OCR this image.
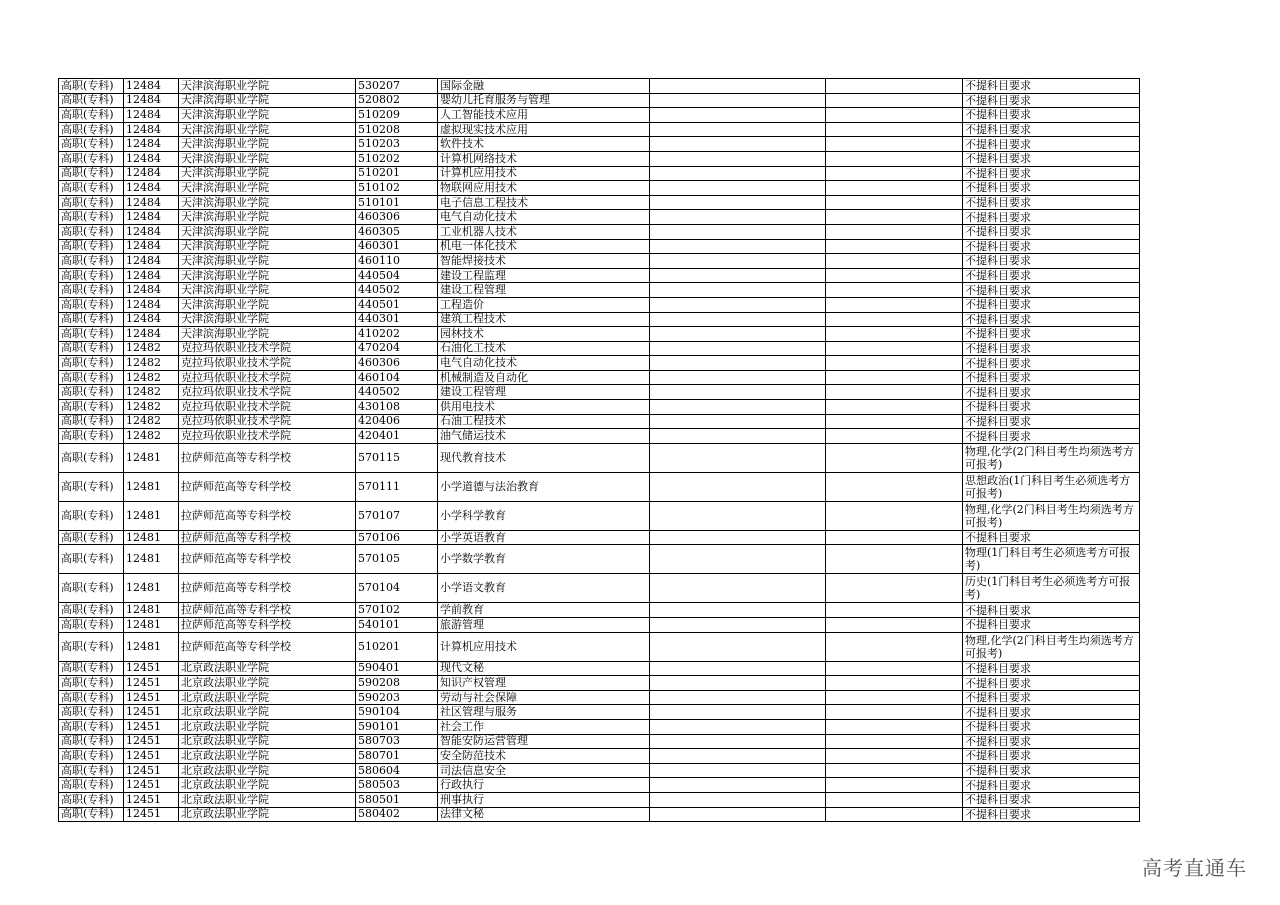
高职(专科)	12484	天津滨海职业学院	530207	国际金融			不提科目要求
高职(专科)	12484	天津滨海职业学院	520802	婴幼儿托育服务与管理			不提科目要求
高职(专科)	12484	天津滨海职业学院	510209	人工智能技术应用			不提科目要求
高职(专科)	12484	天津滨海职业学院	510208	虚拟现实技术应用			不提科目要求
高职(专科)	12484	天津滨海职业学院	510203	软件技术			不提科目要求
高职(专科)	12484	天津滨海职业学院	510202	计算机网络技术			不提科目要求
高职(专科)	12484	天津滨海职业学院	510201	计算机应用技术			不提科目要求
高职(专科)	12484	天津滨海职业学院	510102	物联网应用技术			不提科目要求
高职(专科)	12484	天津滨海职业学院	510101	电子信息工程技术			不提科目要求
高职(专科)	12484	天津滨海职业学院	460306	电气自动化技术			不提科目要求
高职(专科)	12484	天津滨海职业学院	460305	工业机器人技术			不提科目要求
高职(专科)	12484	天津滨海职业学院	460301	机电一体化技术			不提科目要求
高职(专科)	12484	天津滨海职业学院	460110	智能焊接技术			不提科目要求
高职(专科)	12484	天津滨海职业学院	440504	建设工程监理			不提科目要求
高职(专科)	12484	天津滨海职业学院	440502	建设工程管理			不提科目要求
高职(专科)	12484	天津滨海职业学院	440501	工程造价			不提科目要求
高职(专科)	12484	天津滨海职业学院	440301	建筑工程技术			不提科目要求
高职(专科)	12484	天津滨海职业学院	410202	园林技术			不提科目要求
高职(专科)	12482	克拉玛依职业技术学院	470204	石油化工技术			不提科目要求
高职(专科)	12482	克拉玛依职业技术学院	460306	电气自动化技术			不提科目要求
高职(专科)	12482	克拉玛依职业技术学院	460104	机械制造及自动化			不提科目要求
高职(专科)	12482	克拉玛依职业技术学院	440502	建设工程管理			不提科目要求
高职(专科)	12482	克拉玛依职业技术学院	430108	供用电技术			不提科目要求
高职(专科)	12482	克拉玛依职业技术学院	420406	石油工程技术			不提科目要求
高职(专科)	12482	克拉玛依职业技术学院	420401	油气储运技术			不提科目要求
高职(专科)	12481	拉萨师范高等专科学校	570115	现代教育技术			物理,化学(2门科目考生均须选考方可报考)
高职(专科)	12481	拉萨师范高等专科学校	570111	小学道德与法治教育			思想政治(1门科目考生必须选考方可报考)
高职(专科)	12481	拉萨师范高等专科学校	570107	小学科学教育			物理,化学(2门科目考生均须选考方可报考)
高职(专科)	12481	拉萨师范高等专科学校	570106	小学英语教育			不提科目要求
高职(专科)	12481	拉萨师范高等专科学校	570105	小学数学教育			物理(1门科目考生必须选考方可报考)
高职(专科)	12481	拉萨师范高等专科学校	570104	小学语文教育			历史(1门科目考生必须选考方可报考)
高职(专科)	12481	拉萨师范高等专科学校	570102	学前教育			不提科目要求
高职(专科)	12481	拉萨师范高等专科学校	540101	旅游管理			不提科目要求
高职(专科)	12481	拉萨师范高等专科学校	510201	计算机应用技术			物理,化学(2门科目考生均须选考方可报考)
高职(专科)	12451	北京政法职业学院	590401	现代文秘			不提科目要求
高职(专科)	12451	北京政法职业学院	590208	知识产权管理			不提科目要求
高职(专科)	12451	北京政法职业学院	590203	劳动与社会保障			不提科目要求
高职(专科)	12451	北京政法职业学院	590104	社区管理与服务			不提科目要求
高职(专科)	12451	北京政法职业学院	590101	社会工作			不提科目要求
高职(专科)	12451	北京政法职业学院	580703	智能安防运营管理			不提科目要求
高职(专科)	12451	北京政法职业学院	580701	安全防范技术			不提科目要求
高职(专科)	12451	北京政法职业学院	580604	司法信息安全			不提科目要求
高职(专科)	12451	北京政法职业学院	580503	行政执行			不提科目要求
高职(专科)	12451	北京政法职业学院	580501	刑事执行			不提科目要求
高职(专科)	12451	北京政法职业学院	580402	法律文秘			不提科目要求
高考直通车
